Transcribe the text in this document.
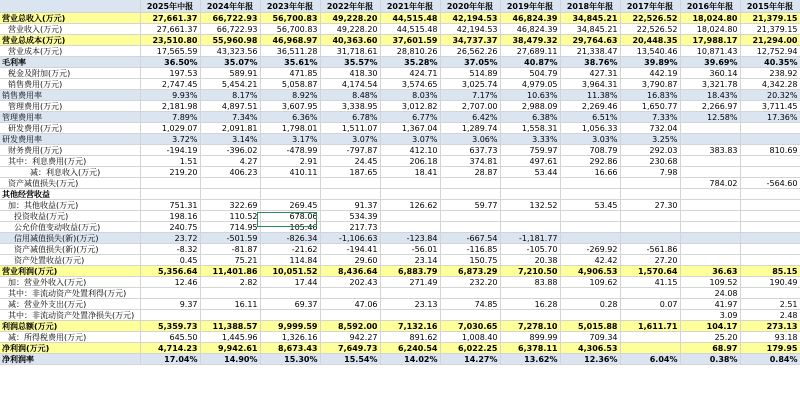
	2025年中报	2024年年报	2023年年报	2022年年报	2021年年报	2020年年报	2019年年报	2018年年报	2017年年报	2016年年报	2015年年报
营业总收入(万元)	27,661.37	66,722.93	56,700.83	49,228.20	44,515.48	42,194.53	46,824.39	34,845.21	22,526.52	18,024.80	21,379.15
营业收入(万元)	27,661.37	66,722.93	56,700.83	49,228.20	44,515.48	42,194.53	46,824.39	34,845.21	22,526.52	18,024.80	21,379.15
营业总成本(万元)	23,510.80	55,960.98	46,968.97	40,363.60	37,601.59	34,737.37	38,479.32	29,764.63	20,448.35	17,988.17	21,294.00
营业成本(万元)	17,565.59	43,323.56	36,511.28	31,718.61	28,810.26	26,562.26	27,689.11	21,338.47	13,540.46	10,871.43	12,752.94
毛利率	36.50%	35.07%	35.61%	35.57%	35.28%	37.05%	40.87%	38.76%	39.89%	39.69%	40.35%
税金及附加(万元)	197.53	589.91	471.85	418.30	424.71	514.89	504.79	427.31	442.19	360.14	238.92
销售费用(万元)	2,747.45	5,454.21	5,058.87	4,174.54	3,574.65	3,025.74	4,979.05	3,964.31	3,790.87	3,321.78	4,342.28
销售费用率	9.93%	8.17%	8.92%	8.48%	8.03%	7.17%	10.63%	11.38%	16.83%	18.43%	20.32%
管理费用(万元)	2,181.98	4,897.51	3,607.95	3,338.95	3,012.82	2,707.00	2,988.09	2,269.46	1,650.77	2,266.97	3,711.45
管理费用率	7.89%	7.34%	6.36%	6.78%	6.77%	6.42%	6.38%	6.51%	7.33%	12.58%	17.36%
研发费用(万元)	1,029.07	2,091.81	1,798.01	1,511.07	1,367.04	1,289.74	1,558.31	1,056.33	732.04		
研发费用率	3.72%	3.14%	3.17%	3.07%	3.07%	3.06%	3.33%	3.03%	3.25%		
财务费用(万元)	-194.19	-396.02	-478.99	-797.87	412.10	637.73	759.97	708.79	292.03	383.83	810.69
其中：利息费用(万元)	1.51	4.27	2.91	24.45	206.18	374.81	497.61	292.86	230.68		
减：利息收入(万元)	219.20	406.23	410.11	187.65	18.41	28.87	53.44	16.66	7.98		
资产减值损失(万元)										784.02	-564.60
其他经营收益											
加：其他收益(万元)	751.31	322.69	269.45	91.37	126.62	59.77	132.52	53.45	27.30		
投资收益(万元)	198.16	110.52	678.06	534.39							
公允价值变动收益(万元)	240.75	714.95	105.46	217.73							
信用减值损失(新)(万元)	23.72	-501.59	-826.34	-1,106.63	-123.84	-667.54	-1,181.77				
资产减值损失(新)(万元)	-8.32	-81.87	-21.62	-194.41	-56.01	-116.85	-105.70	-269.92	-561.86		
资产处置收益(万元)	0.45	75.21	114.84	29.60	23.14	150.75	20.38	42.42	27.20		
营业利润(万元)	5,356.64	11,401.86	10,051.52	8,436.64	6,883.79	6,873.29	7,210.50	4,906.53	1,570.64	36.63	85.15
加：营业外收入(万元)	12.46	2.82	17.44	202.43	271.49	232.20	83.88	109.62	41.15	109.52	190.49
其中：非流动资产处置利得(万元)										24.08	
减：营业外支出(万元)	9.37	16.11	69.37	47.06	23.13	74.85	16.28	0.28	0.07	41.97	2.51
其中：非流动资产处置净损失(万元)										3.09	2.48
利润总额(万元)	5,359.73	11,388.57	9,999.59	8,592.00	7,132.16	7,030.65	7,278.10	5,015.88	1,611.71	104.17	273.13
减：所得税费用(万元)	645.50	1,445.96	1,326.16	942.27	891.62	1,008.40	899.99	709.34		25.20	93.18
净利润(万元)	4,714.23	9,942.61	8,673.43	7,649.73	6,240.54	6,022.25	6,378.11	4,306.53		68.97	179.95
净利润率	17.04%	14.90%	15.30%	15.54%	14.02%	14.27%	13.62%	12.36%	6.04%	0.38%	0.84%
